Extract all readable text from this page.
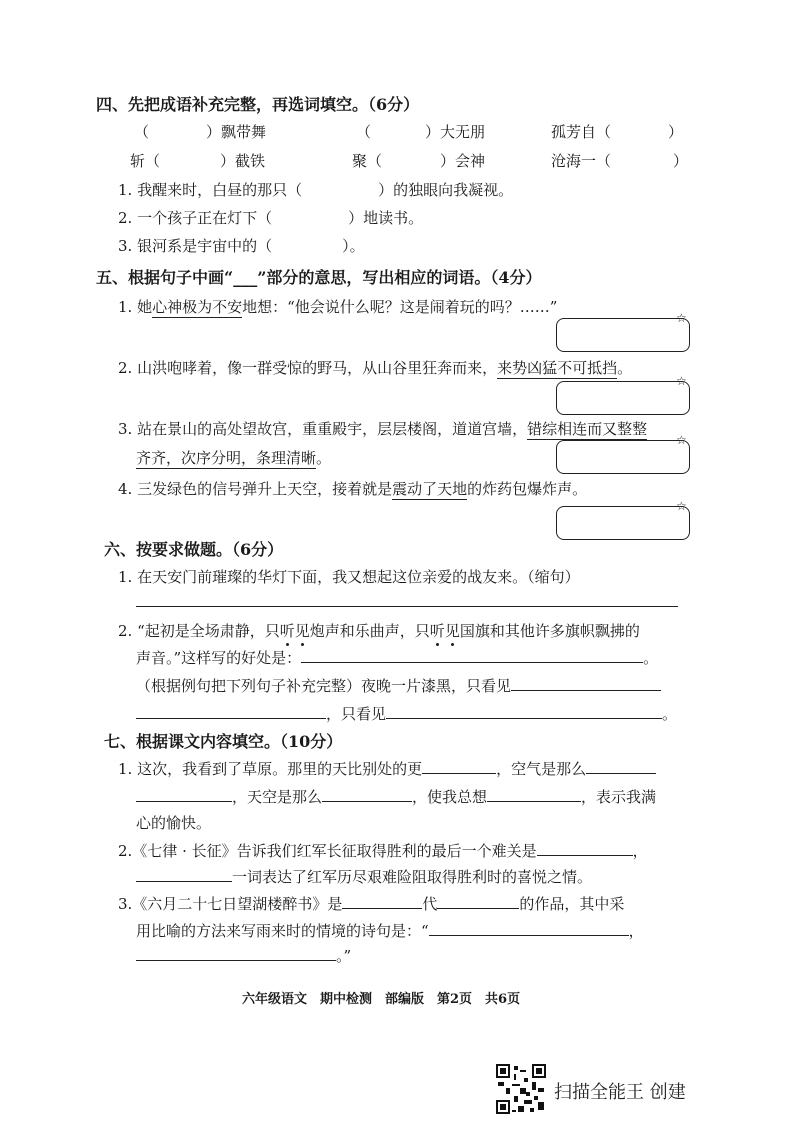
四、先把成语补充完整，再选词填空。（6分）
（	）飘带舞	（	）大无朋	孤芳自（	）
斩（	）截铁	聚（	）会神	沧海一（	）
1. 我醒来时，白昼的那只（	）的独眼向我凝视。
2. 一个孩子正在灯下（	）地读书。
3. 银河系是宇宙中的（	）。
五、根据句子中画“___”部分的意思，写出相应的词语。（4分）
1. 她心神极为不安地想：“他会说什么呢？这是闹着玩的吗？……”
☆
2. 山洪咆哮着，像一群受惊的野马，从山谷里狂奔而来，来势凶猛不可抵挡。
☆
3. 站在景山的高处望故宫，重重殿宇，层层楼阁，道道宫墙，错综相连而又整整
齐齐，次序分明，条理清晰。
☆
4. 三发绿色的信号弹升上天空，接着就是震动了天地的炸药包爆炸声。
☆
六、按要求做题。（6分）
1. 在天安门前璀璨的华灯下面，我又想起这位亲爱的战友来。（缩句）
2. “起初是全场肃静，只听见炮声和乐曲声，只听见国旗和其他许多旗帜飘拂的
声音。”这样写的好处是：	。
（根据例句把下列句子补充完整）夜晚一片漆黑，只看见
，只看见	。
七、根据课文内容填空。（10分）
1. 这次，我看到了草原。那里的天比别处的更	，空气是那么
，天空是那么	，使我总想	，表示我满
心的愉快。
2.《七律 · 长征》告诉我们红军长征取得胜利的最后一个难关是	，
一词表达了红军历尽艰难险阻取得胜利时的喜悦之情。
3.《六月二十七日望湖楼醉书》是	代	的作品，其中采
用比喻的方法来写雨来时的情境的诗句是：“	，
。”
六年级语文　期中检测　部编版　第2页　共6页
扫描全能王 创建
